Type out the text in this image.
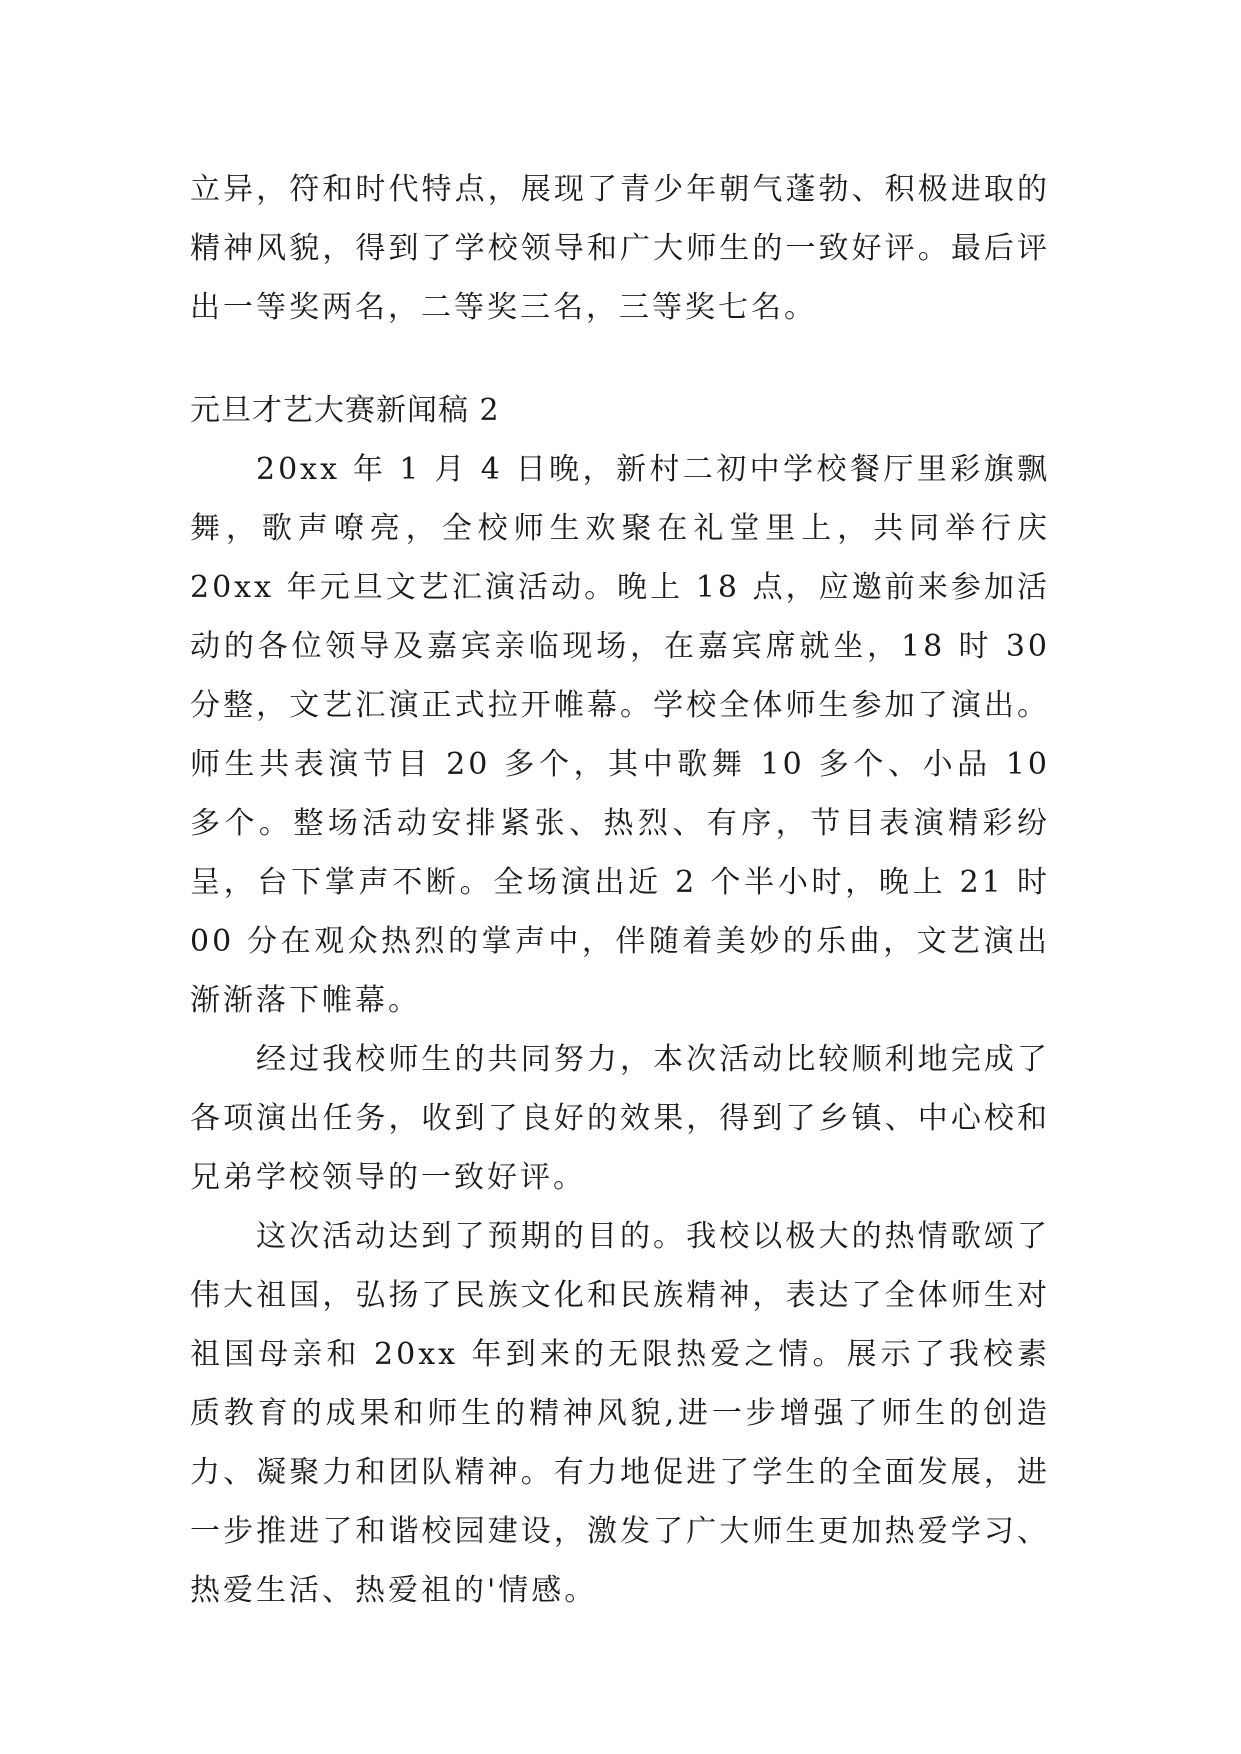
立异，符和时代特点，展现了青少年朝气蓬勃、积极进取的精神风貌，得到了学校领导和广大师生的一致好评。最后评出一等奖两名，二等奖三名，三等奖七名。

元旦才艺大赛新闻稿 2

20xx 年 1 月 4 日晚，新村二初中学校餐厅里彩旗飘舞，歌声嘹亮，全校师生欢聚在礼堂里上，共同举行庆 20xx 年元旦文艺汇演活动。晚上 18 点，应邀前来参加活动的各位领导及嘉宾亲临现场，在嘉宾席就坐，18 时 30 分整，文艺汇演正式拉开帷幕。学校全体师生参加了演出。师生共表演节目 20 多个，其中歌舞 10 多个、小品 10 多个。整场活动安排紧张、热烈、有序，节目表演精彩纷呈，台下掌声不断。全场演出近 2 个半小时，晚上 21 时 00 分在观众热烈的掌声中，伴随着美妙的乐曲，文艺演出渐渐落下帷幕。

经过我校师生的共同努力，本次活动比较顺利地完成了各项演出任务，收到了良好的效果，得到了乡镇、中心校和兄弟学校领导的一致好评。

这次活动达到了预期的目的。我校以极大的热情歌颂了伟大祖国，弘扬了民族文化和民族精神，表达了全体师生对祖国母亲和 20xx 年到来的无限热爱之情。展示了我校素质教育的成果和师生的精神风貌,进一步增强了师生的创造力、凝聚力和团队精神。有力地促进了学生的全面发展，进一步推进了和谐校园建设，激发了广大师生更加热爱学习、热爱生活、热爱祖的'情感。
